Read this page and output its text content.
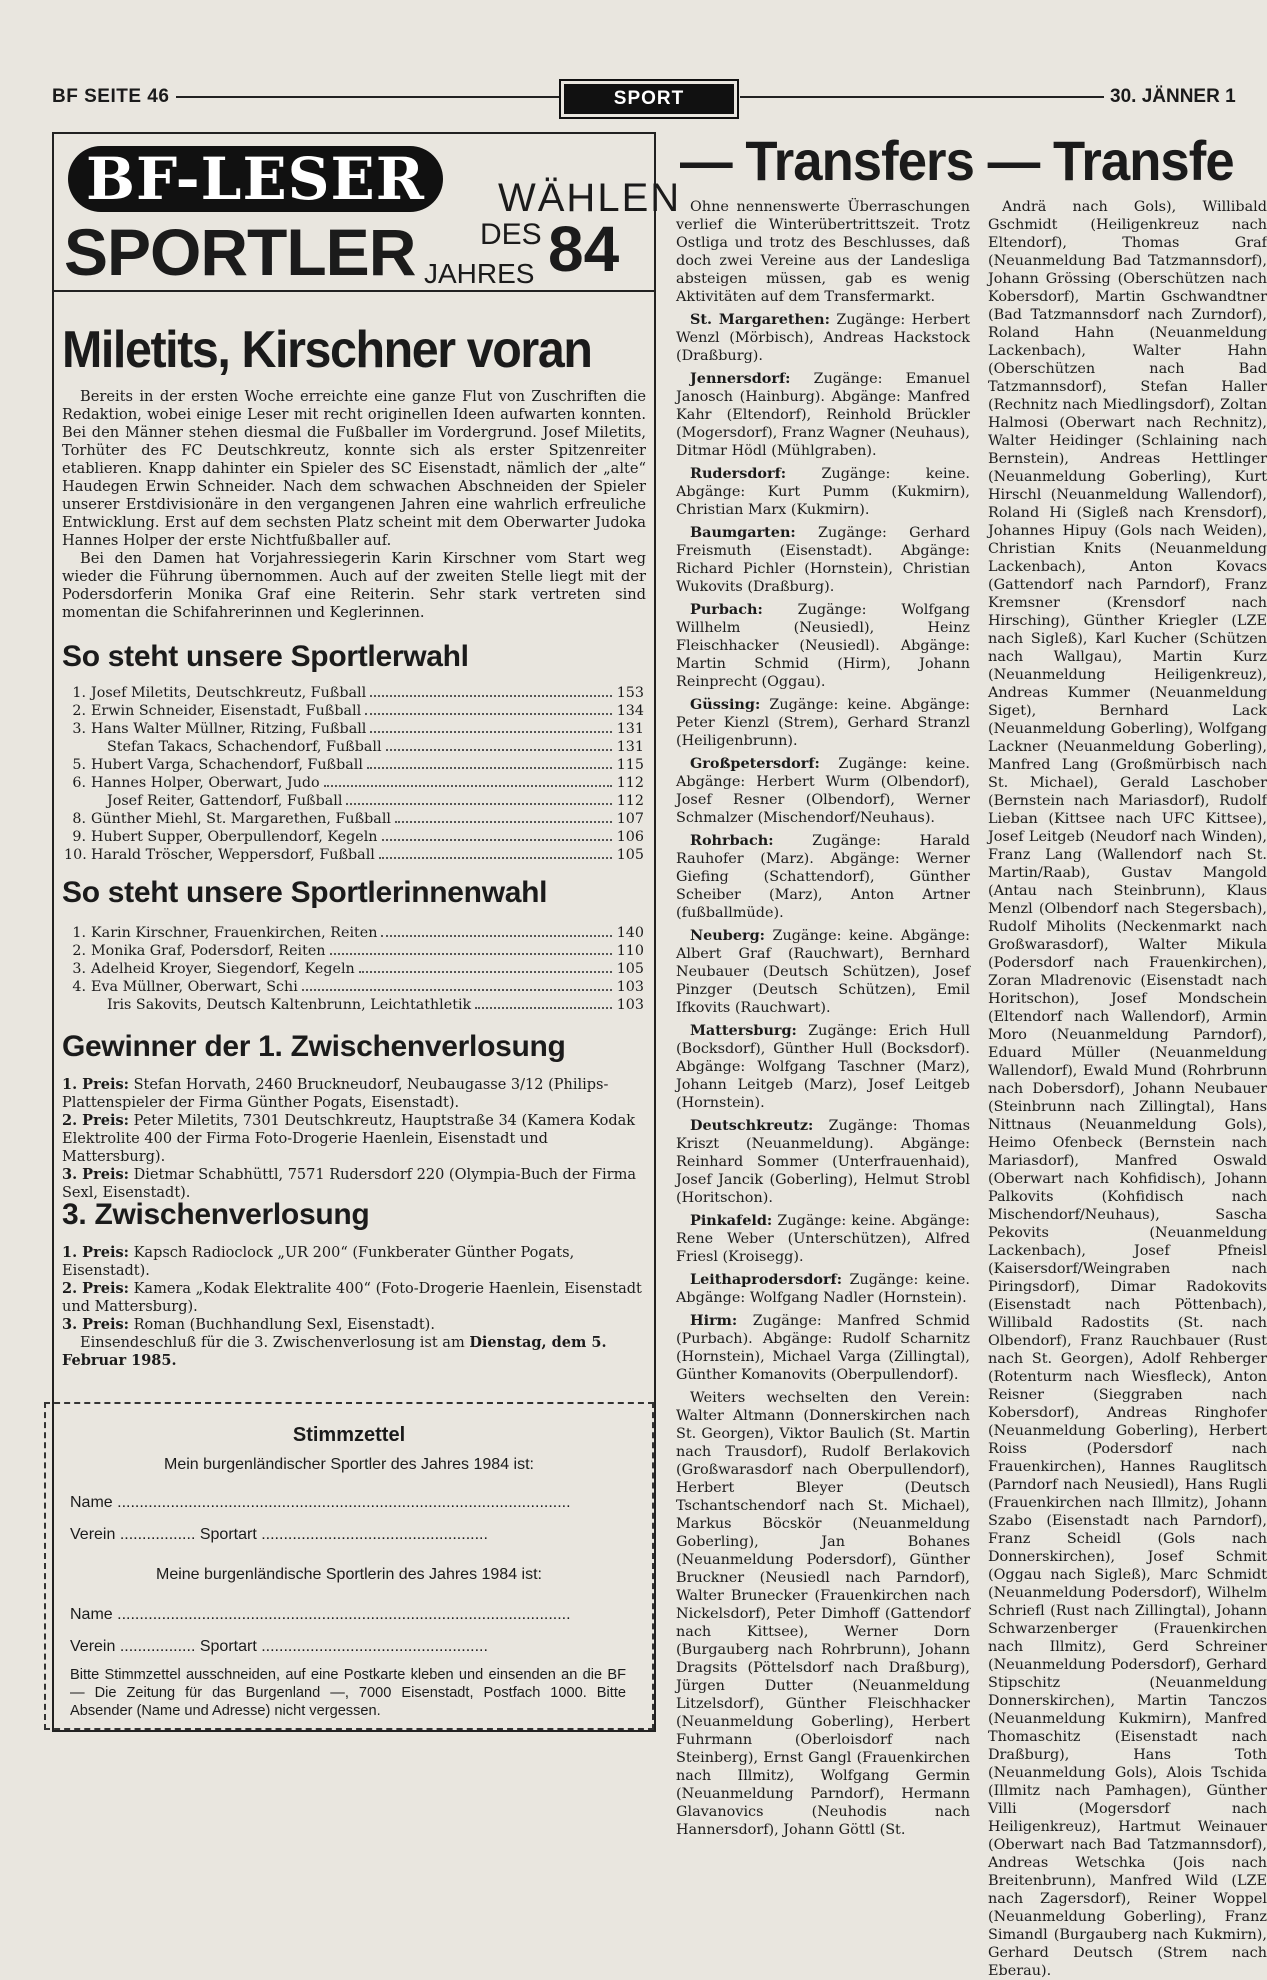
BF SEITE 46	SPORT	30. JÄNNER 1
BF-LESER	WÄHLEN
SPORTLER DES
JAHRES 84
Miletits, Kirschner voran

Bereits in der ersten Woche erreichte eine ganze Flut von Zuschriften die Redaktion, wobei einige Leser mit recht originellen Ideen aufwarten konnten. Bei den Männer stehen diesmal die Fußballer im Vordergrund. Josef Miletits, Torhüter des FC Deutschkreutz, konnte sich als erster Spitzenreiter etablieren. Knapp dahinter ein Spieler des SC Eisenstadt, nämlich der „alte“ Haudegen Erwin Schneider. Nach dem schwachen Abschneiden der Spieler unserer Erstdivisionäre in den vergangenen Jahren eine wahrlich erfreuliche Entwicklung. Erst auf dem sechsten Platz scheint mit dem Oberwarter Judoka Hannes Holper der erste Nichtfußballer auf.

Bei den Damen hat Vorjahressiegerin Karin Kirschner vom Start weg wieder die Führung übernommen. Auch auf der zweiten Stelle liegt mit der Podersdorferin Monika Graf eine Reiterin. Sehr stark vertreten sind momentan die Schifahrerinnen und Keglerinnen.

So steht unsere Sportlerwahl
1. Josef Miletits, Deutschkreutz, Fußball	153
2. Erwin Schneider, Eisenstadt, Fußball	134
3. Hans Walter Müllner, Ritzing, Fußball	131
Stefan Takacs, Schachendorf, Fußball	131
5. Hubert Varga, Schachendorf, Fußball	115
6. Hannes Holper, Oberwart, Judo	112
Josef Reiter, Gattendorf, Fußball	112
8. Günther Miehl, St. Margarethen, Fußball	107
9. Hubert Supper, Oberpullendorf, Kegeln	106
10. Harald Tröscher, Weppersdorf, Fußball	105
So steht unsere Sportlerinnenwahl
1. Karin Kirschner, Frauenkirchen, Reiten	140
2. Monika Graf, Podersdorf, Reiten	110
3. Adelheid Kroyer, Siegendorf, Kegeln	105
4. Eva Müllner, Oberwart, Schi	103
Iris Sakovits, Deutsch Kaltenbrunn, Leichtathletik	103
Gewinner der 1. Zwischenverlosung

1. Preis: Stefan Horvath, 2460 Bruckneudorf, Neubaugasse 3/12 (Philips-Plattenspieler der Firma Günther Pogats, Eisenstadt).

2. Preis: Peter Miletits, 7301 Deutschkreutz, Hauptstraße 34 (Kamera Kodak Elektrolite 400 der Firma Foto-Drogerie Haenlein, Eisenstadt und Mattersburg).

3. Preis: Dietmar Schabhüttl, 7571 Rudersdorf 220 (Olympia-Buch der Firma Sexl, Eisenstadt).

3. Zwischenverlosung

1. Preis: Kapsch Radioclock „UR 200“ (Funkberater Günther Pogats, Eisenstadt).

2. Preis: Kamera „Kodak Elektralite 400“ (Foto-Drogerie Haenlein, Eisenstadt und Mattersburg).

3. Preis: Roman (Buchhandlung Sexl, Eisenstadt).

Einsendeschluß für die 3. Zwischenverlosung ist am Dienstag, dem 5. Februar 1985.

Stimmzettel
Mein burgenländischer Sportler des Jahres 1984 ist:
Name ......................................................................................................
Verein ................. Sportart ...................................................
Meine burgenländische Sportlerin des Jahres 1984 ist:
Name ......................................................................................................
Verein ................. Sportart ...................................................
Bitte Stimmzettel ausschneiden, auf eine Postkarte kleben und einsenden an die BF — Die Zeitung für das Burgenland —, 7000 Eisenstadt, Postfach 1000. Bitte Absender (Name und Adresse) nicht vergessen.
— Transfers — Transfe

Ohne nennenswerte Überraschungen verlief die Winterübertrittszeit. Trotz Ostliga und trotz des Beschlusses, daß doch zwei Vereine aus der Landesliga absteigen müssen, gab es wenig Aktivitäten auf dem Transfermarkt.

St. Margarethen: Zugänge: Herbert Wenzl (Mörbisch), Andreas Hackstock (Draßburg).

Jennersdorf: Zugänge: Emanuel Janosch (Hainburg). Abgänge: Manfred Kahr (Eltendorf), Reinhold Brückler (Mogersdorf), Franz Wagner (Neuhaus), Ditmar Hödl (Mühlgraben).

Rudersdorf: Zugänge: keine. Abgänge: Kurt Pumm (Kukmirn), Christian Marx (Kukmirn).

Baumgarten: Zugänge: Gerhard Freismuth (Eisenstadt). Abgänge: Richard Pichler (Hornstein), Christian Wukovits (Draßburg).

Purbach: Zugänge: Wolfgang Willhelm (Neusiedl), Heinz Fleischhacker (Neusiedl). Abgänge: Martin Schmid (Hirm), Johann Reinprecht (Oggau).

Güssing: Zugänge: keine. Abgänge: Peter Kienzl (Strem), Gerhard Stranzl (Heiligenbrunn).

Großpetersdorf: Zugänge: keine. Abgänge: Herbert Wurm (Olbendorf), Josef Resner (Olbendorf), Werner Schmalzer (Mischendorf/Neuhaus).

Rohrbach:	Zugänge: Harald Rauhofer (Marz). Abgänge: Werner Giefing (Schattendorf), Günther Scheiber (Marz), Anton Artner (fußballmüde).

Neuberg: Zugänge: keine. Abgänge: Albert Graf (Rauchwart), Bernhard Neubauer (Deutsch Schützen), Josef Pinzger (Deutsch Schützen), Emil Ifkovits (Rauchwart).

Mattersburg: Zugänge: Erich Hull (Bocksdorf), Günther Hull (Bocksdorf). Abgänge: Wolfgang Taschner (Marz), Johann Leitgeb (Marz), Josef Leitgeb (Hornstein).

Deutschkreutz: Zugänge: Thomas Kriszt (Neuanmeldung). Abgänge: Reinhard Sommer (Unterfrauenhaid), Josef Jancik (Goberling), Helmut Strobl (Horitschon).

Pinkafeld: Zugänge: keine. Abgänge: Rene Weber (Unterschützen), Alfred Friesl (Kroisegg).

Leithaprodersdorf: Zugänge: keine. Abgänge: Wolfgang Nadler (Hornstein).

Hirm: Zugänge: Manfred Schmid (Purbach). Abgänge: Rudolf Scharnitz (Hornstein), Michael Varga (Zillingtal), Günther Komanovits (Oberpullendorf).

Weiters wechselten den Verein: Walter Altmann (Donnerskirchen nach St. Georgen), Viktor Baulich (St. Martin nach Trausdorf), Rudolf Berlakovich (Großwarasdorf nach Oberpullendorf), Herbert Bleyer (Deutsch Tschantschendorf nach St. Michael), Markus Böcskör (Neuanmeldung Goberling), Jan Bohanes (Neuanmeldung Podersdorf), Günther Bruckner (Neusiedl nach Parndorf), Walter Brunecker (Frauenkirchen nach Nickelsdorf), Peter Dimhoff (Gattendorf nach Kittsee), Werner Dorn (Burgauberg nach Rohrbrunn), Johann Dragsits (Pöttelsdorf nach Draßburg), Jürgen Dutter (Neuanmeldung Litzelsdorf), Günther Fleischhacker (Neuanmeldung Goberling), Herbert Fuhrmann (Oberloisdorf nach Steinberg), Ernst Gangl (Frauenkirchen nach Illmitz), Wolfgang Germin (Neuanmeldung Parndorf), Hermann Glavanovics (Neuhodis nach Hannersdorf), Johann Göttl (St.

Andrä nach Gols), Willibald Gschmidt (Heiligenkreuz nach Eltendorf), Thomas Graf (Neuanmeldung Bad Tatzmannsdorf), Johann Grössing (Oberschützen nach Kobersdorf), Martin Gschwandtner (Bad Tatzmannsdorf nach Zurndorf), Roland Hahn (Neuanmeldung Lackenbach), Walter Hahn (Oberschützen nach Bad Tatzmannsdorf), Stefan Haller (Rechnitz nach Miedlingsdorf), Zoltan Halmosi (Oberwart nach Rechnitz), Walter Heidinger (Schlaining nach Bernstein), Andreas Hettlinger (Neuanmeldung Goberling), Kurt Hirschl (Neuanmeldung Wallendorf), Roland Hi (Sigleß nach Krensdorf), Johannes Hipuy (Gols nach Weiden), Christian Knits (Neuanmeldung Lackenbach), Anton Kovacs (Gattendorf nach Parndorf), Franz Kremsner (Krensdorf nach Hirsching), Günther Kriegler (LZE nach Sigleß), Karl Kucher (Schützen nach Wallgau), Martin Kurz (Neuanmeldung Heiligenkreuz), Andreas Kummer (Neuanmeldung Siget), Bernhard Lack (Neuanmeldung Goberling), Wolfgang Lackner (Neuanmeldung Goberling), Manfred Lang (Großmürbisch nach St. Michael), Gerald Laschober (Bernstein nach Mariasdorf), Rudolf Lieban (Kittsee nach UFC Kittsee), Josef Leitgeb (Neudorf nach Winden), Franz Lang (Wallendorf nach St. Martin/Raab), Gustav Mangold (Antau nach Steinbrunn), Klaus Menzl (Olbendorf nach Stegersbach), Rudolf Miholits (Neckenmarkt nach Großwarasdorf), Walter Mikula (Podersdorf nach Frauenkirchen), Zoran Mladrenovic (Eisenstadt nach Horitschon), Josef Mondschein (Eltendorf nach Wallendorf), Armin Moro (Neuanmeldung Parndorf), Eduard Müller (Neuanmeldung Wallendorf), Ewald Mund (Rohrbrunn nach Dobersdorf), Johann Neubauer (Steinbrunn nach Zillingtal), Hans Nittnaus (Neuanmeldung Gols), Heimo Ofenbeck (Bernstein nach Mariasdorf), Manfred Oswald (Oberwart nach Kohfidisch), Johann Palkovits (Kohfidisch nach Mischendorf/Neuhaus), Sascha Pekovits (Neuanmeldung Lackenbach), Josef Pfneisl (Kaisersdorf/Weingraben nach Piringsdorf), Dimar Radokovits (Eisenstadt nach Pöttenbach), Willibald Radostits (St. nach Olbendorf), Franz Rauchbauer (Rust nach St. Georgen), Adolf Rehberger (Rotenturm nach Wiesfleck), Anton Reisner (Sieggraben nach Kobersdorf), Andreas Ringhofer (Neuanmeldung Goberling), Herbert Roiss (Podersdorf nach Frauenkirchen), Hannes Rauglitsch (Parndorf nach Neusiedl), Hans Rugli (Frauenkirchen nach Illmitz), Johann Szabo (Eisenstadt nach Parndorf), Franz Scheidl (Gols nach Donnerskirchen), Josef Schmit (Oggau nach Sigleß), Marc Schmidt (Neuanmeldung Podersdorf), Wilhelm Schriefl (Rust nach Zillingtal), Johann Schwarzenberger (Frauenkirchen nach Illmitz), Gerd Schreiner (Neuanmeldung Podersdorf), Gerhard Stipschitz (Neuanmeldung Donnerskirchen), Martin Tanczos (Neuanmeldung Kukmirn), Manfred Thomaschitz (Eisenstadt nach Draßburg), Hans Toth (Neuanmeldung Gols), Alois Tschida (Illmitz nach Pamhagen), Günther Villi (Mogersdorf nach Heiligenkreuz), Hartmut Weinauer (Oberwart nach Bad Tatzmannsdorf), Andreas Wetschka (Jois nach Breitenbrunn), Manfred Wild (LZE nach Zagersdorf), Reiner Woppel (Neuanmeldung Goberling), Franz Simandl (Burgauberg nach Kukmirn), Gerhard Deutsch (Strem nach Eberau).
